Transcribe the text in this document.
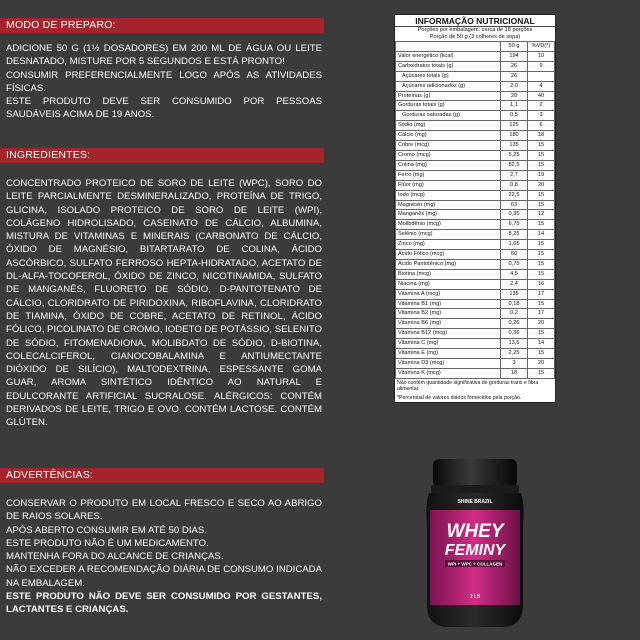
MODO DE PREPARO:

ADICIONE 50 G (1½ DOSADORES) EM 200 ML DE ÁGUA OU LEITE DESNATADO, MISTURE POR 5 SEGUNDOS E ESTÁ PRONTO!

CONSUMIR PREFERENCIALMENTE LOGO APÓS AS ATIVIDADES FÍSICAS.

ESTE PRODUTO DEVE SER CONSUMIDO POR PESSOAS SAUDÁVEIS ACIMA DE 19 ANOS.

INGREDIENTES:

CONCENTRADO PROTEICO DE SORO DE LEITE (WPC), SORO DO LEITE PARCIALMENTE DESMINERALIZADO, PROTEÍNA DE TRIGO, GLICINA, ISOLADO PROTEICO DE SORO DE LEITE (WPI), COLÁGENO HIDROLISADO, CASEINATO DE CÁLCIO, ALBUMINA, MISTURA DE VITAMINAS E MINERAIS (CARBONATO DE CÁLCIO, ÓXIDO DE MAGNÉSIO, BITARTARATO DE COLINA, ÁCIDO ASCÓRBICO, SULFATO FERROSO HEPTA-HIDRATADO, ACETATO DE DL-ALFA-TOCOFEROL, ÓXIDO DE ZINCO, NICOTINAMIDA, SULFATO DE MANGANÊS, FLUORETO DE SÓDIO, D-PANTOTENATO DE CÁLCIO, CLORIDRATO DE PIRIDOXINA, RIBOFLAVINA, CLORIDRATO DE TIAMINA, ÓXIDO DE COBRE, ACETATO DE RETINOL, ÁCIDO FÓLICO, PICOLINATO DE CROMO, IODETO DE POTÁSSIO, SELENITO DE SÓDIO, FITOMENADIONA, MOLIBDATO DE SÓDIO, D-BIOTINA, COLECALCIFEROL, CIANOCOBALAMINA E ANTIUMECTANTE DIÓXIDO DE SILÍCIO), MALTODEXTRINA, ESPESSANTE GOMA GUAR, AROMA SINTÉTICO IDÊNTICO AO NATURAL E EDULCORANTE ARTIFICIAL SUCRALOSE. ALÉRGICOS: CONTÉM DERIVADOS DE LEITE, TRIGO E OVO. CONTÉM LACTOSE. CONTÉM GLÚTEN.

ADVERTÊNCIAS:

CONSERVAR O PRODUTO EM LOCAL FRESCO E SECO AO ABRIGO DE RAIOS SOLARES.

APÓS ABERTO CONSUMIR EM ATÉ 50 DIAS.

ESTE PRODUTO NÃO É UM MEDICAMENTO.

MANTENHA FORA DO ALCANCE DE CRIANÇAS.

NÃO EXCEDER A RECOMENDAÇÃO DIÁRIA DE CONSUMO INDICADA NA EMBALAGEM.

ESTE PRODUTO NÃO DEVE SER CONSUMIDO POR GESTANTES, LACTANTES E CRIANÇAS.

INFORMAÇÃO NUTRICIONAL
Porções por embalagem: cerca de 18 porções
Porção de 50 g (3 colheres de sopa)
	50 g	%VD(*)
Valor energético (kcal)	194	10
Carboidratos totais (g)	26	9
Açúcares totais (g)	26	
Açúcares adicionados (g)	2,0	4
Proteínas (g)	20	40
Gorduras totais (g)	1,1	2
Gorduras saturadas (g)	0,5	3
Sódio (mg)	125	6
Cálcio (mg)	180	18
Cobre (mcg)	135	15
Cromo (mcg)	5,25	15
Colina (mg)	82,5	15
Ferro (mg)	2,7	19
Flúor (mg)	0,8	20
Iodo (mcg)	22,5	15
Magnésio (mg)	63	15
Manganês (mg)	0,35	12
Molibdênio (mcg)	6,75	15
Selênio (mcg)	8,25	14
Zinco (mg)	1,65	15
Ácido Fólico (mcg)	60	15
Ácido Pantotênico (mg)	0,75	15
Biotina (mcg)	4,5	15
Niacina (mg)	2,4	16
Vitamina A (mcg)	135	17
Vitamina B1 (mg)	0,18	15
Vitamina B2 (mg)	0,2	17
Vitamina B6 (mg)	0,26	20
Vitamina B12 (mcg)	0,36	15
Vitamina C (mg)	13,5	14
Vitamina E (mg)	2,25	15
Vitamina D3 (mcg)	3	20
Vitamina K (mcg)	18	15
Não contém quantidade significativa de gorduras trans e fibra alimentar.
*Percentual de valores diários fornecidos pela porção.
SHINE BRAZIL
WHEY
FEMINY
WPI + WPC + COLLAGEN
2 LB
